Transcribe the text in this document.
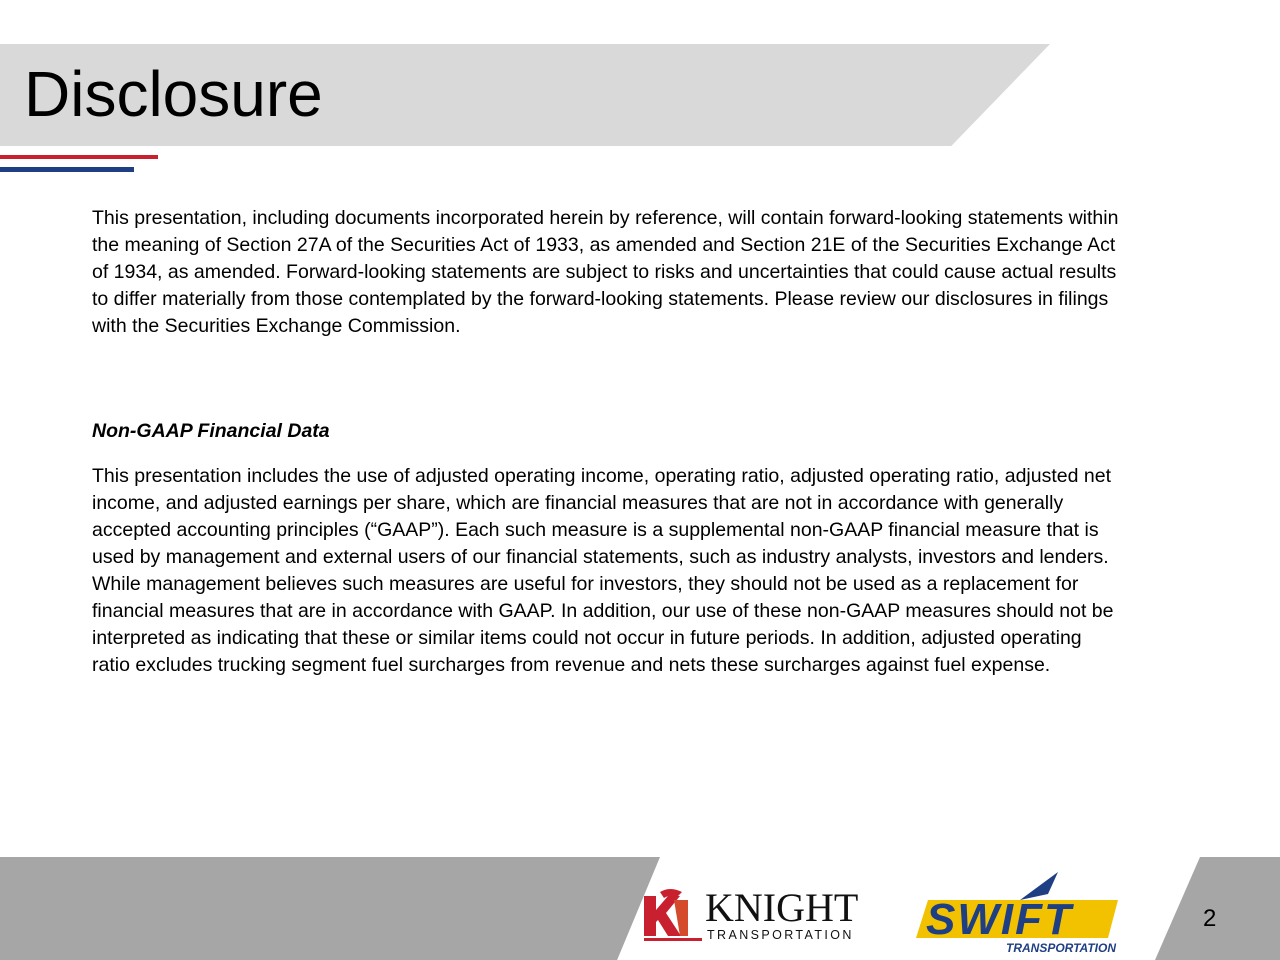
Disclosure

This presentation, including documents incorporated herein by reference, will contain forward-looking statements within the meaning of Section 27A of the Securities Act of 1933, as amended and Section 21E of the Securities Exchange Act of 1934, as amended. Forward-looking statements are subject to risks and uncertainties that could cause actual results to differ materially from those contemplated by the forward-looking statements. Please review our disclosures in filings with the Securities Exchange Commission.

Non-GAAP Financial Data

This presentation includes the use of adjusted operating income, operating ratio, adjusted operating ratio, adjusted net income, and adjusted earnings per share, which are financial measures that are not in accordance with generally accepted accounting principles (“GAAP”). Each such measure is a supplemental non-GAAP financial measure that is used by management and external users of our financial statements, such as industry analysts, investors and lenders. While management believes such measures are useful for investors, they should not be used as a replacement for financial measures that are in accordance with GAAP. In addition, our use of these non-GAAP measures should not be interpreted as indicating that these or similar items could not occur in future periods. In addition, adjusted operating ratio excludes trucking segment fuel surcharges from revenue and nets these surcharges against fuel expense.

2
KNIGHT
TRANSPORTATION SWIFT
TRANSPORTATION
